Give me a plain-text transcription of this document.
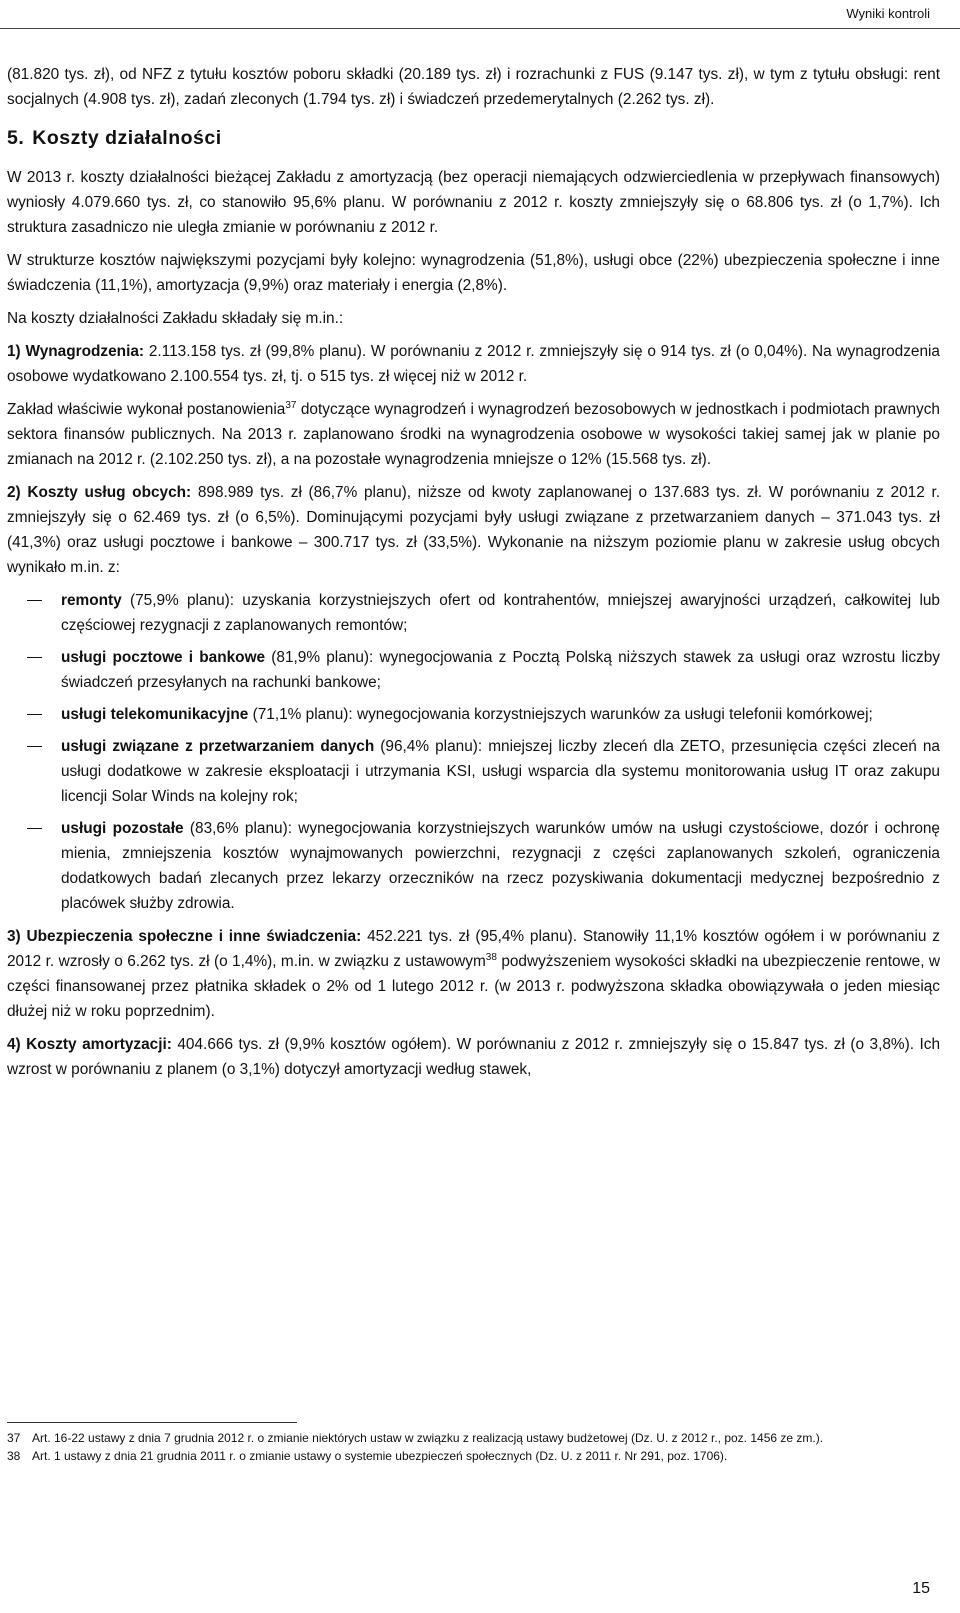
Wyniki kontroli

(81.820 tys. zł), od NFZ z tytułu kosztów poboru składki (20.189 tys. zł) i rozrachunki z FUS (9.147 tys. zł), w tym z tytułu obsługi: rent socjalnych (4.908 tys. zł), zadań zleconych (1.794 tys. zł) i świadczeń przedemerytalnych (2.262 tys. zł).

5. Koszty działalności

W 2013 r. koszty działalności bieżącej Zakładu z amortyzacją (bez operacji niemających odzwierciedlenia w przepływach finansowych) wyniosły 4.079.660 tys. zł, co stanowiło 95,6% planu. W porównaniu z 2012 r. koszty zmniejszyły się o 68.806 tys. zł (o 1,7%). Ich struktura zasadniczo nie uległa zmianie w porównaniu z 2012 r.

W strukturze kosztów największymi pozycjami były kolejno: wynagrodzenia (51,8%), usługi obce (22%) ubezpieczenia społeczne i inne świadczenia (11,1%), amortyzacja (9,9%) oraz materiały i energia (2,8%).

Na koszty działalności Zakładu składały się m.in.:

1) Wynagrodzenia: 2.113.158 tys. zł (99,8% planu). W porównaniu z 2012 r. zmniejszyły się o 914 tys. zł (o 0,04%). Na wynagrodzenia osobowe wydatkowano 2.100.554 tys. zł, tj. o 515 tys. zł więcej niż w 2012 r.

Zakład właściwie wykonał postanowienia$^{37}$ dotyczące wynagrodzeń i wynagrodzeń bezosobowych w jednostkach i podmiotach prawnych sektora finansów publicznych. Na 2013 r. zaplanowano środki na wynagrodzenia osobowe w wysokości takiej samej jak w planie po zmianach na 2012 r. (2.102.250 tys. zł), a na pozostałe wynagrodzenia mniejsze o 12% (15.568 tys. zł).

2) Koszty usług obcych: 898.989 tys. zł (86,7% planu), niższe od kwoty zaplanowanej o 137.683 tys. zł. W porównaniu z 2012 r. zmniejszyły się o 62.469 tys. zł (o 6,5%). Dominującymi pozycjami były usługi związane z przetwarzaniem danych – 371.043 tys. zł (41,3%) oraz usługi pocztowe i bankowe – 300.717 tys. zł (33,5%). Wykonanie na niższym poziomie planu w zakresie usług obcych wynikało m.in. z:

remonty (75,9% planu): uzyskania korzystniejszych ofert od kontrahentów, mniejszej awaryjności urządzeń, całkowitej lub częściowej rezygnacji z zaplanowanych remontów;
usługi pocztowe i bankowe (81,9% planu): wynegocjowania z Pocztą Polską niższych stawek za usługi oraz wzrostu liczby świadczeń przesyłanych na rachunki bankowe;
usługi telekomunikacyjne (71,1% planu): wynegocjowania korzystniejszych warunków za usługi telefonii komórkowej;
usługi związane z przetwarzaniem danych (96,4% planu): mniejszej liczby zleceń dla ZETO, przesunięcia części zleceń na usługi dodatkowe w zakresie eksploatacji i utrzymania KSI, usługi wsparcia dla systemu monitorowania usług IT oraz zakupu licencji Solar Winds na kolejny rok;
usługi pozostałe (83,6% planu): wynegocjowania korzystniejszych warunków umów na usługi czystościowe, dozór i ochronę mienia, zmniejszenia kosztów wynajmowanych powierzchni, rezygnacji z części zaplanowanych szkoleń, ograniczenia dodatkowych badań zlecanych przez lekarzy orzeczników na rzecz pozyskiwania dokumentacji medycznej bezpośrednio z placówek służby zdrowia.

3) Ubezpieczenia społeczne i inne świadczenia: 452.221 tys. zł (95,4% planu). Stanowiły 11,1% kosztów ogółem i w porównaniu z 2012 r. wzrosły o 6.262 tys. zł (o 1,4%), m.in. w związku z ustawowym$^{38}$ podwyższeniem wysokości składki na ubezpieczenie rentowe, w części finansowanej przez płatnika składek o 2% od 1 lutego 2012 r. (w 2013 r. podwyższona składka obowiązywała o jeden miesiąc dłużej niż w roku poprzednim).

4) Koszty amortyzacji: 404.666 tys. zł (9,9% kosztów ogółem). W porównaniu z 2012 r. zmniejszyły się o 15.847 tys. zł (o 3,8%). Ich wzrost w porównaniu z planem (o 3,1%) dotyczył amortyzacji według stawek,

37 Art. 16-22 ustawy z dnia 7 grudnia 2012 r. o zmianie niektórych ustaw w związku z realizacją ustawy budżetowej (Dz. U. z 2012 r., poz. 1456 ze zm.).
38 Art. 1 ustawy z dnia 21 grudnia 2011 r. o zmianie ustawy o systemie ubezpieczeń społecznych (Dz. U. z 2011 r. Nr 291, poz. 1706).
15
